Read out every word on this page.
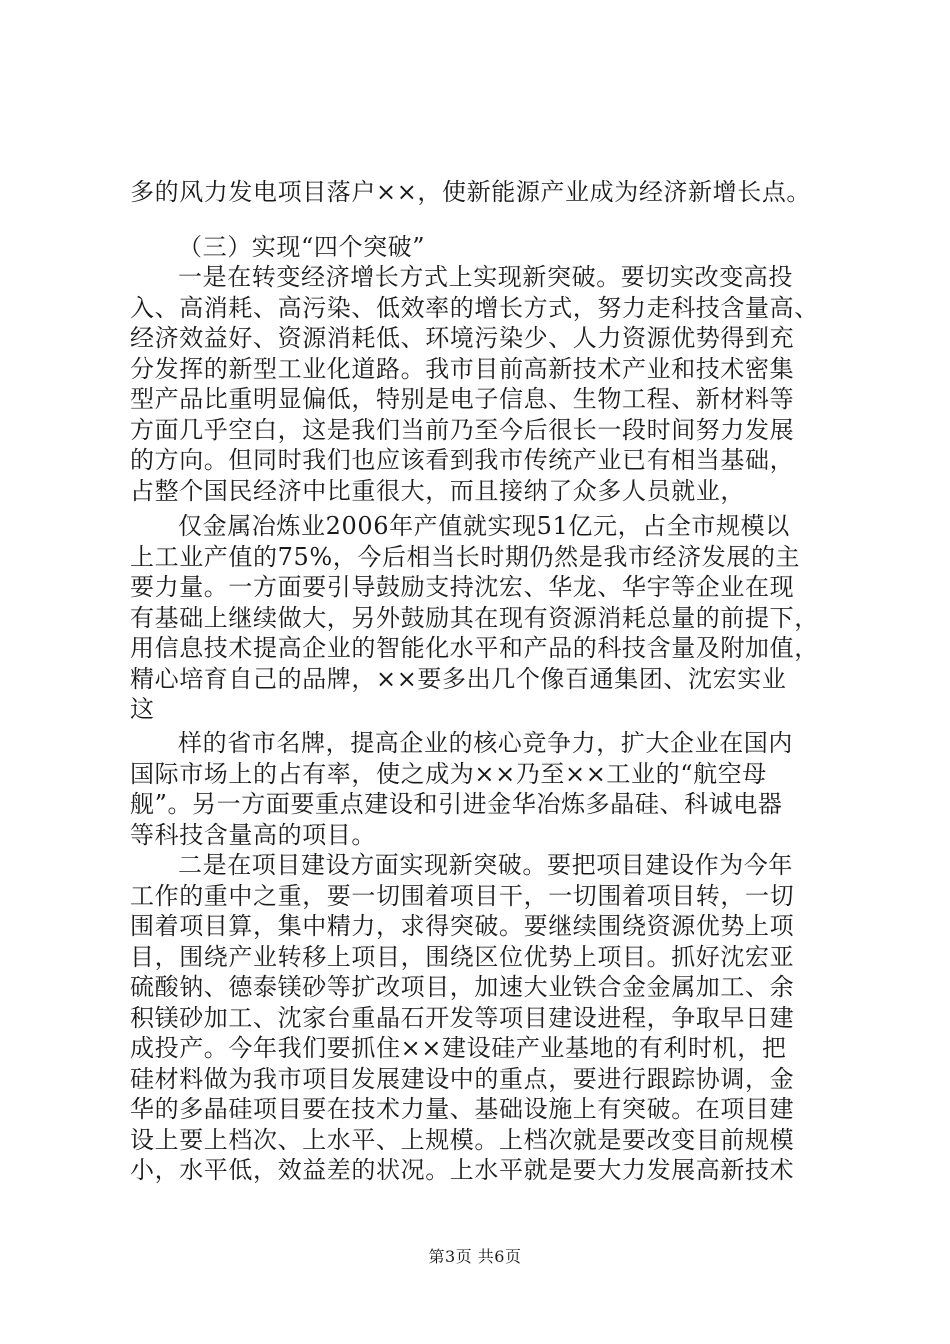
多的风力发电项目落户××，使新能源产业成为经济新增长点。
（三）实现“四个突破”
一是在转变经济增长方式上实现新突破。要切实改变高投
入、高消耗、高污染、低效率的增长方式，努力走科技含量高、
经济效益好、资源消耗低、环境污染少、人力资源优势得到充
分发挥的新型工业化道路。我市目前高新技术产业和技术密集
型产品比重明显偏低，特别是电子信息、生物工程、新材料等
方面几乎空白，这是我们当前乃至今后很长一段时间努力发展
的方向。但同时我们也应该看到我市传统产业已有相当基础，
占整个国民经济中比重很大，而且接纳了众多人员就业，
仅金属冶炼业2006年产值就实现51亿元，占全市规模以
上工业产值的75%，今后相当长时期仍然是我市经济发展的主
要力量。一方面要引导鼓励支持沈宏、华龙、华宇等企业在现
有基础上继续做大，另外鼓励其在现有资源消耗总量的前提下，
用信息技术提高企业的智能化水平和产品的科技含量及附加值，
精心培育自己的品牌，××要多出几个像百通集团、沈宏实业
这
样的省市名牌，提高企业的核心竞争力，扩大企业在国内
国际市场上的占有率，使之成为××乃至××工业的“航空母
舰”。另一方面要重点建设和引进金华冶炼多晶硅、科诚电器
等科技含量高的项目。
二是在项目建设方面实现新突破。要把项目建设作为今年
工作的重中之重，要一切围着项目干，一切围着项目转，一切
围着项目算，集中精力，求得突破。要继续围绕资源优势上项
目，围绕产业转移上项目，围绕区位优势上项目。抓好沈宏亚
硫酸钠、德泰镁砂等扩改项目，加速大业铁合金金属加工、余
积镁砂加工、沈家台重晶石开发等项目建设进程，争取早日建
成投产。今年我们要抓住××建设硅产业基地的有利时机，把
硅材料做为我市项目发展建设中的重点，要进行跟踪协调，金
华的多晶硅项目要在技术力量、基础设施上有突破。在项目建
设上要上档次、上水平、上规模。上档次就是要改变目前规模
小，水平低，效益差的状况。上水平就是要大力发展高新技术
第3页 共6页
